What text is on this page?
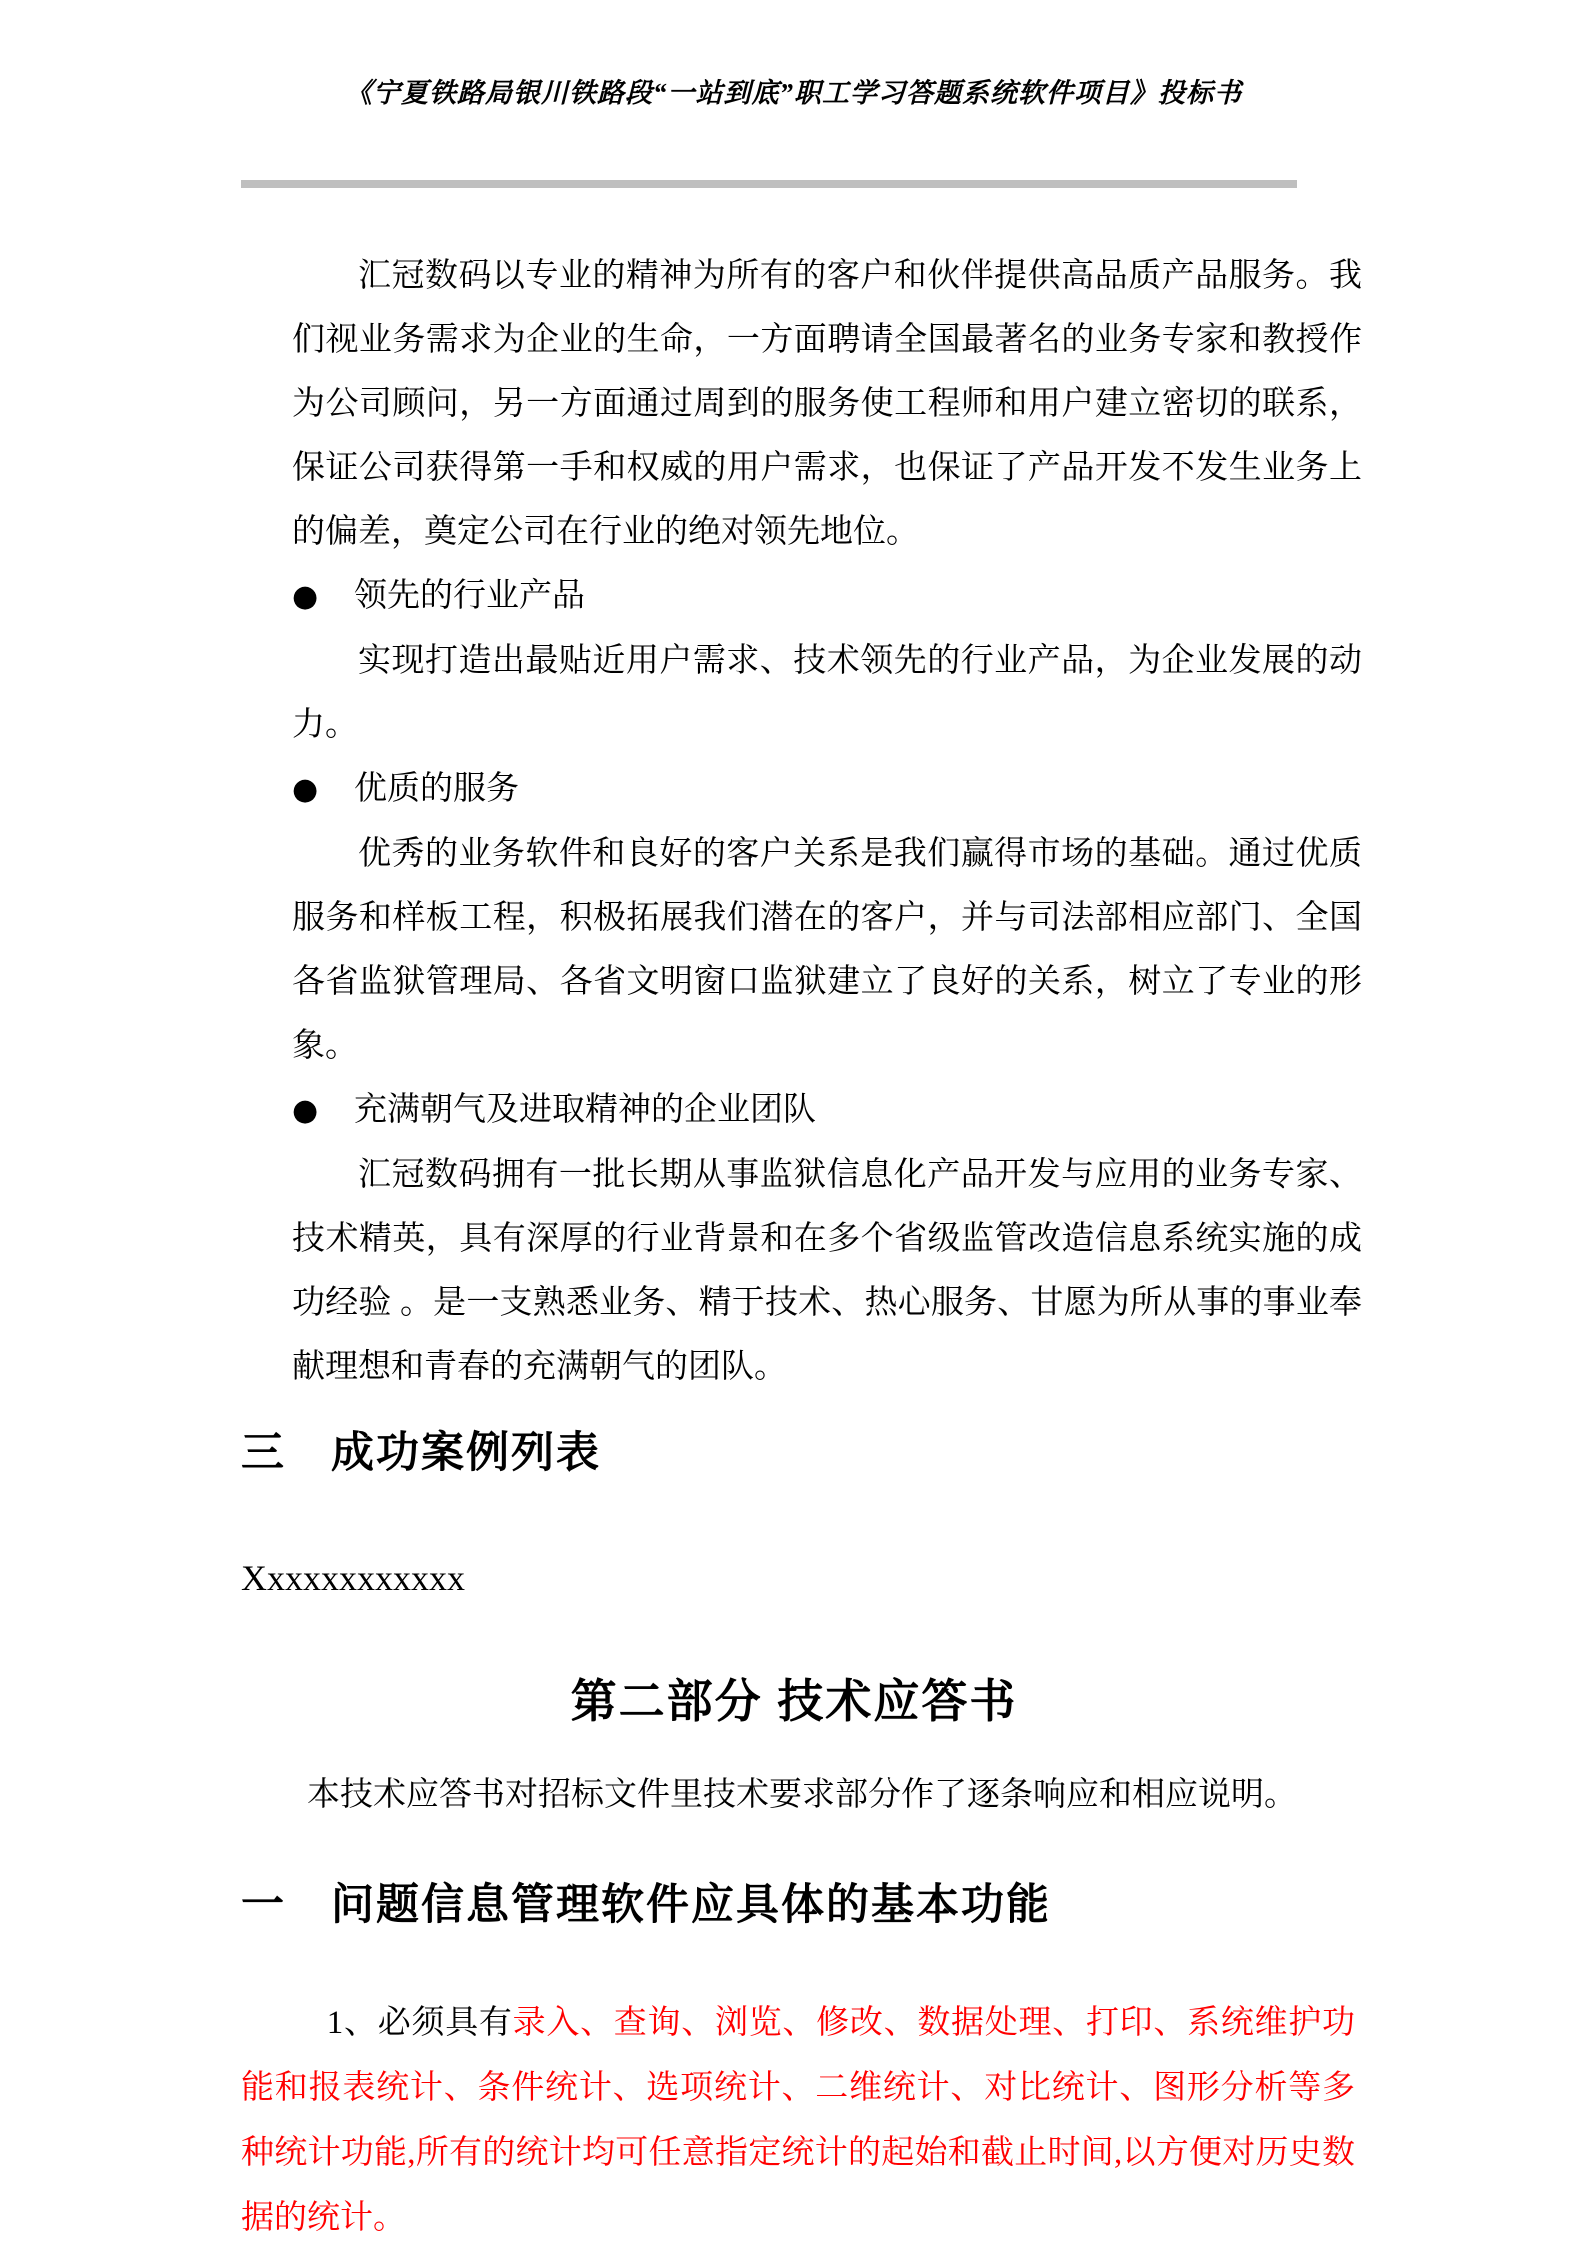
《宁夏铁路局银川铁路段“一站到底”职工学习答题系统软件项目》投标书

汇冠数码以专业的精神为所有的客户和伙伴提供高品质产品服务。我们视业务需求为企业的生命，一方面聘请全国最著名的业务专家和教授作为公司顾问，另一方面通过周到的服务使工程师和用户建立密切的联系，保证公司获得第一手和权威的用户需求，也保证了产品开发不发生业务上的偏差，奠定公司在行业的绝对领先地位。

●	领先的行业产品

实现打造出最贴近用户需求、技术领先的行业产品，为企业发展的动力。

●	优质的服务

优秀的业务软件和良好的客户关系是我们赢得市场的基础。通过优质服务和样板工程，积极拓展我们潜在的客户，并与司法部相应部门、全国各省监狱管理局、各省文明窗口监狱建立了良好的关系，树立了专业的形象。

●	充满朝气及进取精神的企业团队

汇冠数码拥有一批长期从事监狱信息化产品开发与应用的业务专家、技术精英，具有深厚的行业背景和在多个省级监管改造信息系统实施的成功经验 。是一支熟悉业务、精于技术、热心服务、甘愿为所从事的事业奉献理想和青春的充满朝气的团队。

三　成功案例列表
Xxxxxxxxxxxx
第二部分 技术应答书

本技术应答书对招标文件里技术要求部分作了逐条响应和相应说明。

一　问题信息管理软件应具体的基本功能

1、必须具有录入、查询、浏览、修改、数据处理、打印、系统维护功能和报表统计、条件统计、选项统计、二维统计、对比统计、图形分析等多种统计功能,所有的统计均可任意指定统计的起始和截止时间,以方便对历史数据的统计。
